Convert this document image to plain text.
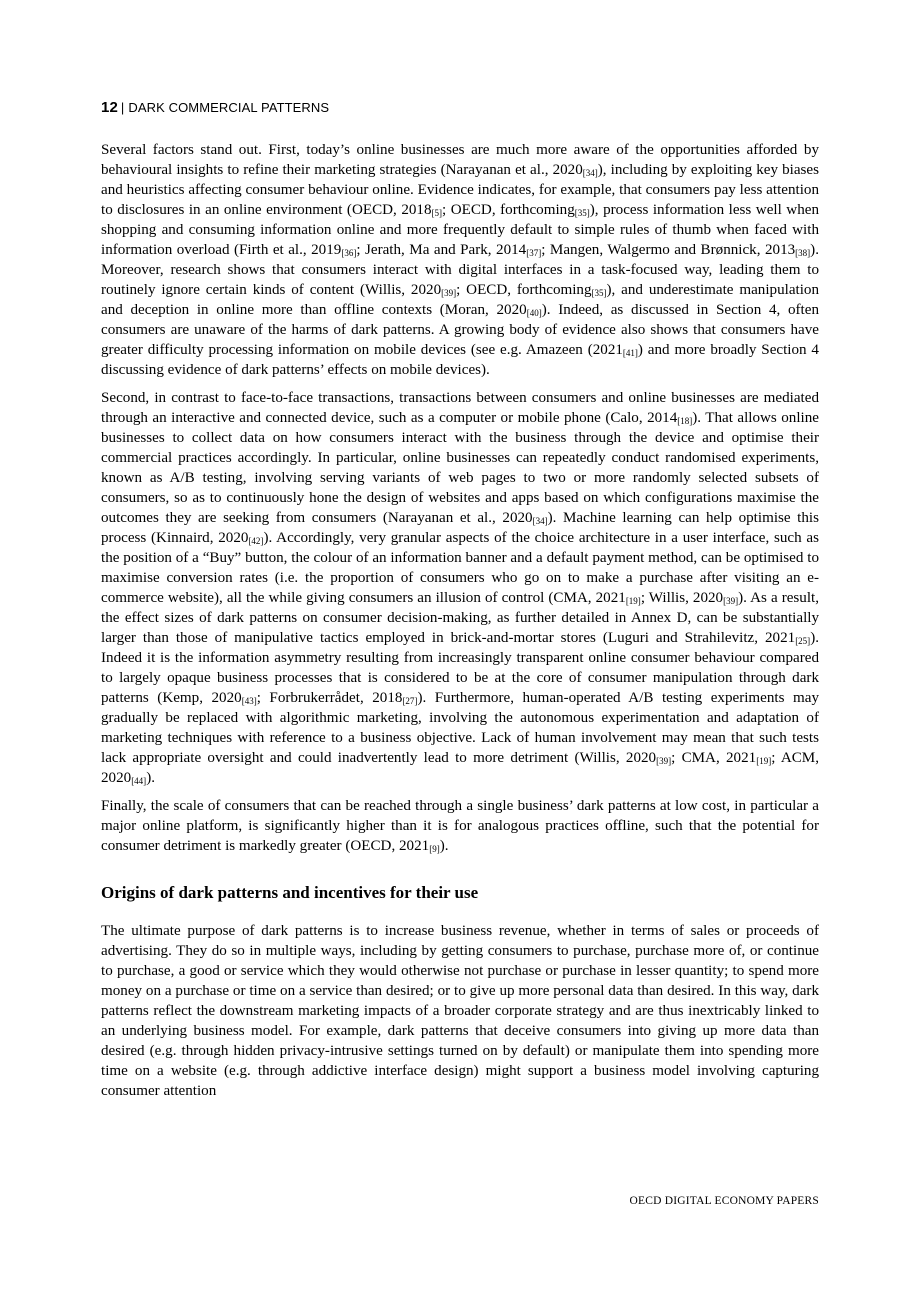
12 | DARK COMMERCIAL PATTERNS

Several factors stand out. First, today’s online businesses are much more aware of the opportunities afforded by behavioural insights to refine their marketing strategies (Narayanan et al., $2020_{[34]}$), including by exploiting key biases and heuristics affecting consumer behaviour online. Evidence indicates, for example, that consumers pay less attention to disclosures in an online environment (OECD, $2018_{[5]}$; OECD, forthcoming$_{[35]}$), process information less well when shopping and consuming information online and more frequently default to simple rules of thumb when faced with information overload (Firth et al., $2019_{[36]}$; Jerath, Ma and Park, $2014_{[37]}$; Mangen, Walgermo and Brønnick, $2013_{[38]}$). Moreover, research shows that consumers interact with digital interfaces in a task-focused way, leading them to routinely ignore certain kinds of content (Willis, $2020_{[39]}$; OECD, forthcoming$_{[35]}$), and underestimate manipulation and deception in online more than offline contexts (Moran, $2020_{[40]}$). Indeed, as discussed in Section 4, often consumers are unaware of the harms of dark patterns. A growing body of evidence also shows that consumers have greater difficulty processing information on mobile devices (see e.g. Amazeen $(2021_{[41]})$ and more broadly Section 4 discussing evidence of dark patterns’ effects on mobile devices).

Second, in contrast to face-to-face transactions, transactions between consumers and online businesses are mediated through an interactive and connected device, such as a computer or mobile phone (Calo, $2014_{[18]}$). That allows online businesses to collect data on how consumers interact with the business through the device and optimise their commercial practices accordingly. In particular, online businesses can repeatedly conduct randomised experiments, known as A/B testing, involving serving variants of web pages to two or more randomly selected subsets of consumers, so as to continuously hone the design of websites and apps based on which configurations maximise the outcomes they are seeking from consumers (Narayanan et al., $2020_{[34]}$). Machine learning can help optimise this process (Kinnaird, $2020_{[42]}$). Accordingly, very granular aspects of the choice architecture in a user interface, such as the position of a “Buy” button, the colour of an information banner and a default payment method, can be optimised to maximise conversion rates (i.e. the proportion of consumers who go on to make a purchase after visiting an e-commerce website), all the while giving consumers an illusion of control (CMA, $2021_{[19]}$; Willis, $2020_{[39]}$). As a result, the effect sizes of dark patterns on consumer decision-making, as further detailed in Annex D, can be substantially larger than those of manipulative tactics employed in brick-and-mortar stores (Luguri and Strahilevitz, $2021_{[25]}$). Indeed it is the information asymmetry resulting from increasingly transparent online consumer behaviour compared to largely opaque business processes that is considered to be at the core of consumer manipulation through dark patterns (Kemp, $2020_{[43]}$; Forbrukerrådet, $2018_{[27]}$). Furthermore, human-operated A/B testing experiments may gradually be replaced with algorithmic marketing, involving the autonomous experimentation and adaptation of marketing techniques with reference to a business objective. Lack of human involvement may mean that such tests lack appropriate oversight and could inadvertently lead to more detriment (Willis, $2020_{[39]}$; CMA, $2021_{[19]}$; ACM, $2020_{[44]}$).

Finally, the scale of consumers that can be reached through a single business’ dark patterns at low cost, in particular a major online platform, is significantly higher than it is for analogous practices offline, such that the potential for consumer detriment is markedly greater (OECD, $2021_{[9]}$).

Origins of dark patterns and incentives for their use

The ultimate purpose of dark patterns is to increase business revenue, whether in terms of sales or proceeds of advertising. They do so in multiple ways, including by getting consumers to purchase, purchase more of, or continue to purchase, a good or service which they would otherwise not purchase or purchase in lesser quantity; to spend more money on a purchase or time on a service than desired; or to give up more personal data than desired. In this way, dark patterns reflect the downstream marketing impacts of a broader corporate strategy and are thus inextricably linked to an underlying business model. For example, dark patterns that deceive consumers into giving up more data than desired (e.g. through hidden privacy-intrusive settings turned on by default) or manipulate them into spending more time on a website (e.g. through addictive interface design) might support a business model involving capturing consumer attention

OECD DIGITAL ECONOMY PAPERS
